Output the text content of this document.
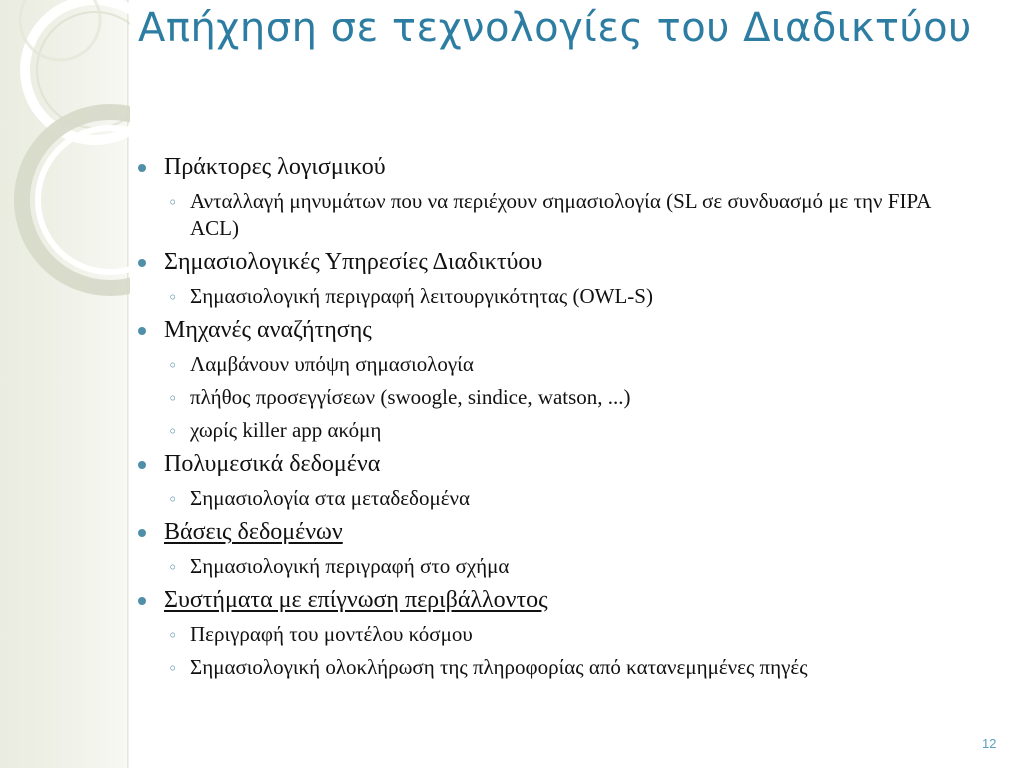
Απήχηση σε τεχνολογίες του Διαδικτύου
Πράκτορες λογισμικού
◦ Ανταλλαγή μηνυμάτων που να περιέχουν σημασιολογία (SL σε συνδυασμό με την FIPA ACL)
Σημασιολογικές Υπηρεσίες Διαδικτύου
◦ Σημασιολογική περιγραφή λειτουργικότητας (OWL-S)
Μηχανές αναζήτησης
◦ Λαμβάνουν υπόψη σημασιολογία
◦ πλήθος προσεγγίσεων (swoogle, sindice, watson, ...)
◦ χωρίς killer app ακόμη
Πολυμεσικά δεδομένα
◦ Σημασιολογία στα μεταδεδομένα
Βάσεις δεδομένων
◦ Σημασιολογική περιγραφή στο σχήμα
Συστήματα με επίγνωση περιβάλλοντος
◦ Περιγραφή του μοντέλου κόσμου
◦ Σημασιολογική ολοκλήρωση της πληροφορίας από κατανεμημένες πηγές
12
